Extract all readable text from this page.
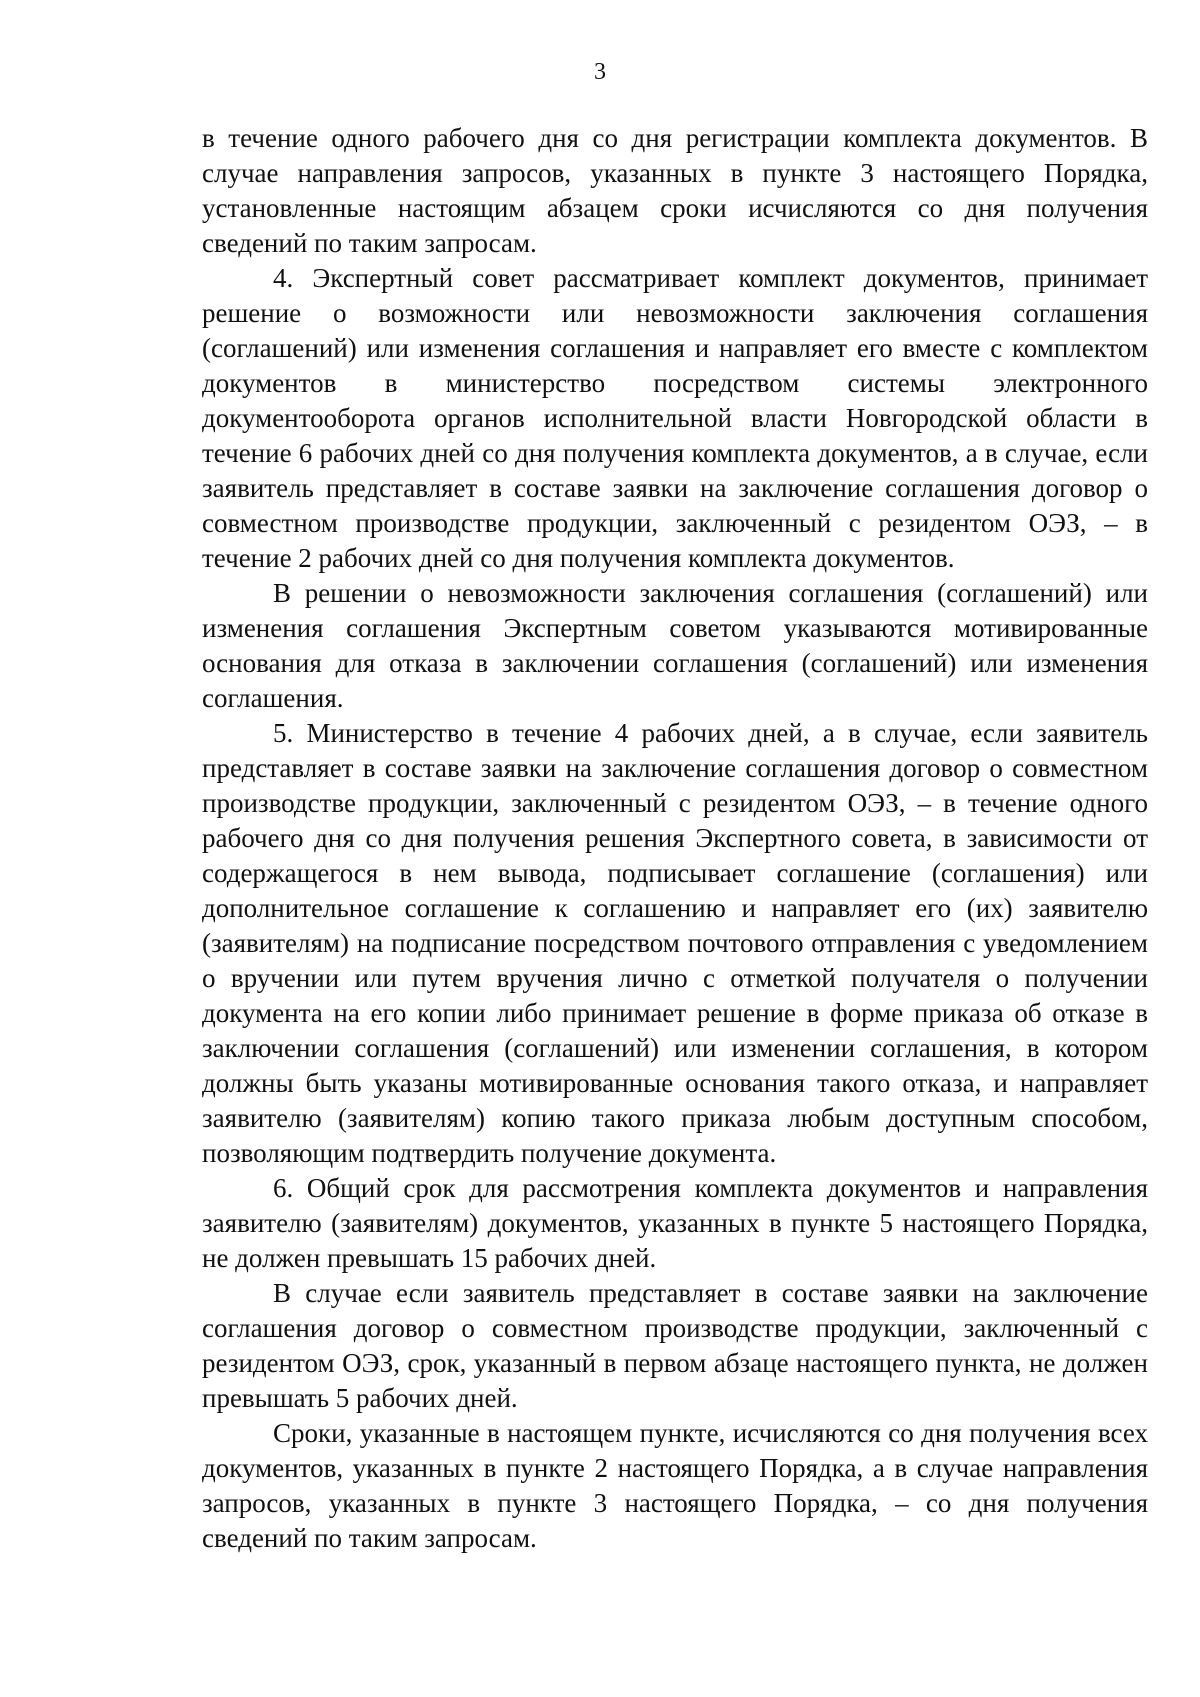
3

в течение одного рабочего дня со дня регистрации комплекта документов. В случае направления запросов, указанных в пункте 3 настоящего Порядка, установленные настоящим абзацем сроки исчисляются со дня получения сведений по таким запросам.

4. Экспертный совет рассматривает комплект документов, принимает решение о возможности или невозможности заключения соглашения (соглашений) или изменения соглашения и направляет его вместе с комплектом документов в министерство посредством системы электронного документооборота органов исполнительной власти Новгородской области в течение 6 рабочих дней со дня получения комплекта документов, а в случае, если заявитель представляет в составе заявки на заключение соглашения договор о совместном производстве продукции, заключенный с резидентом ОЭЗ, – в течение 2 рабочих дней со дня получения комплекта документов.

В решении о невозможности заключения соглашения (соглашений) или изменения соглашения Экспертным советом указываются мотивированные основания для отказа в заключении соглашения (соглашений) или изменения соглашения.

5. Министерство в течение 4 рабочих дней, а в случае, если заявитель представляет в составе заявки на заключение соглашения договор о совместном производстве продукции, заключенный с резидентом ОЭЗ, – в течение одного рабочего дня со дня получения решения Экспертного совета, в зависимости от содержащегося в нем вывода, подписывает соглашение (соглашения) или дополнительное соглашение к соглашению и направляет его (их) заявителю (заявителям) на подписание посредством почтового отправления с уведомлением о вручении или путем вручения лично с отметкой получателя о получении документа на его копии либо принимает решение в форме приказа об отказе в заключении соглашения (соглашений) или изменении соглашения, в котором должны быть указаны мотивированные основания такого отказа, и направляет заявителю (заявителям) копию такого приказа любым доступным способом, позволяющим подтвердить получение документа.

6. Общий срок для рассмотрения комплекта документов и направления заявителю (заявителям) документов, указанных в пункте 5 настоящего Порядка, не должен превышать 15 рабочих дней.

В случае если заявитель представляет в составе заявки на заключение соглашения договор о совместном производстве продукции, заключенный с резидентом ОЭЗ, срок, указанный в первом абзаце настоящего пункта, не должен превышать 5 рабочих дней.

Сроки, указанные в настоящем пункте, исчисляются со дня получения всех документов, указанных в пункте 2 настоящего Порядка, а в случае направления запросов, указанных в пункте 3 настоящего Порядка, – со дня получения сведений по таким запросам.
